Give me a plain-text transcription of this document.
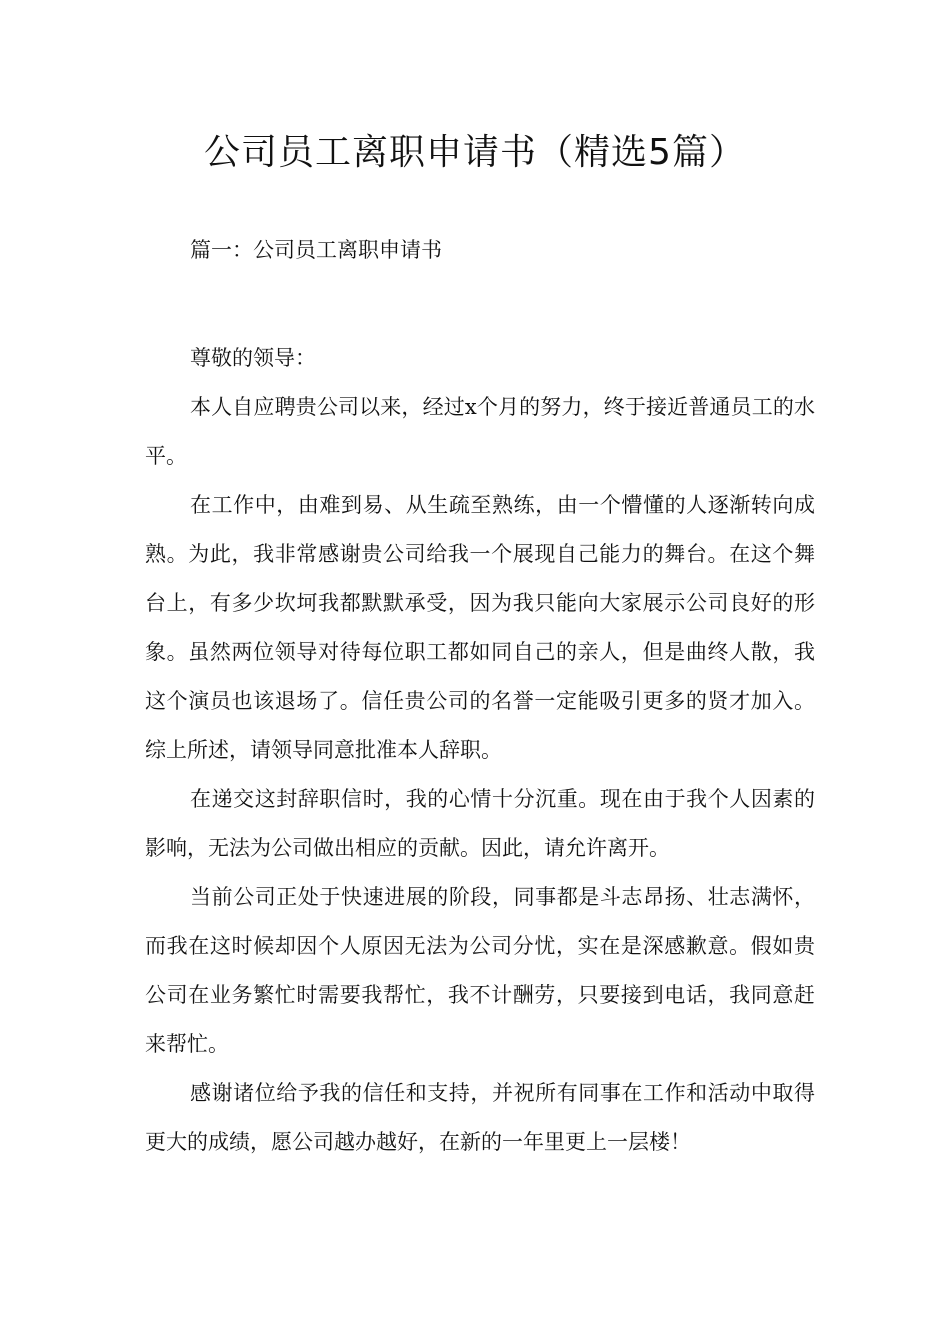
公司员工离职申请书（精选5篇）
篇一：公司员工离职申请书

尊敬的领导：

本人自应聘贵公司以来，经过x个月的努力，终于接近普通员工的水平。

在工作中，由难到易、从生疏至熟练，由一个懵懂的人逐渐转向成熟。为此，我非常感谢贵公司给我一个展现自己能力的舞台。在这个舞台上，有多少坎坷我都默默承受，因为我只能向大家展示公司良好的形象。虽然两位领导对待每位职工都如同自己的亲人，但是曲终人散，我这个演员也该退场了。信任贵公司的名誉一定能吸引更多的贤才加入。综上所述，请领导同意批准本人辞职。

在递交这封辞职信时，我的心情十分沉重。现在由于我个人因素的影响，无法为公司做出相应的贡献。因此，请允许离开。

当前公司正处于快速进展的阶段，同事都是斗志昂扬、壮志满怀，而我在这时候却因个人原因无法为公司分忧，实在是深感歉意。假如贵公司在业务繁忙时需要我帮忙，我不计酬劳，只要接到电话，我同意赶来帮忙。

感谢诸位给予我的信任和支持，并祝所有同事在工作和活动中取得更大的成绩，愿公司越办越好，在新的一年里更上一层楼！
